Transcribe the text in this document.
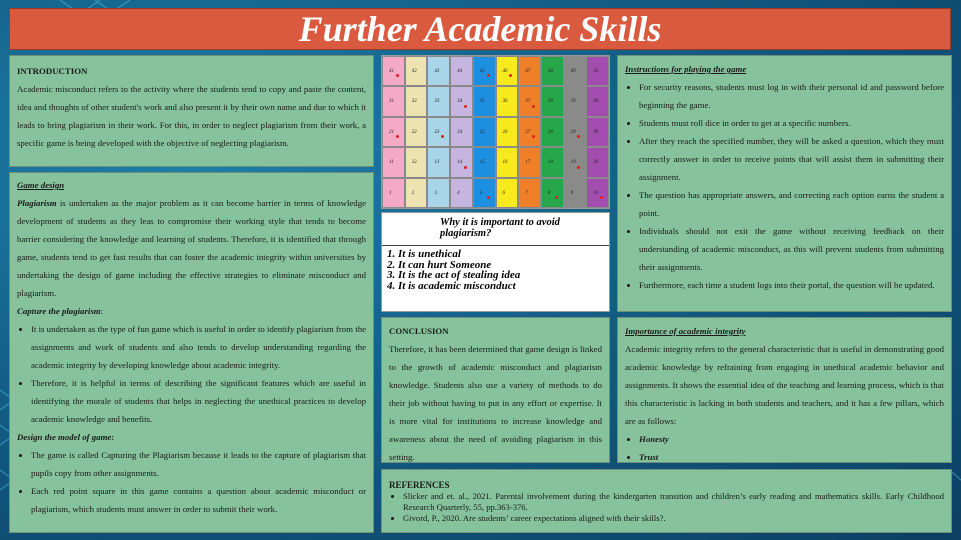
Further Academic Skills
INTRODUCTION

Academic misconduct refers to the activity where the students tend to copy and paste the content, idea and thoughts of other student's work and also present it by their own name and due to which it leads to bring plagiarism in their work. For this, in order to neglect plagiarism from their work, a specific game is being developed with the objective of neglecting plagiarism.

Game design

Plagiarism is undertaken as the major problem as it can become barrier in terms of knowledge development of students as they leas to compromise their working style that tends to become barrier considering the knowledge and learning of students. Therefore, it is identified that through game, students tend to get fast results that can foster the academic integrity within universities by undertaking the design of game including the effective strategies to eliminate misconduct and plagiarism.

Capture the plagiarism:

• It is undertaken as the type of fun game which is useful in order to identify plagiarism from the assignments and work of students and also tends to develop understanding regarding the academic integrity by developing knowledge about academic integrity.
• Therefore, it is helpful in terms of describing the significant features which are useful in identifying the morale of students that helps in neglecting the unethical practices to develop academic knowledge and benefits.

Design the model of game:

• The game is called Capturing the Plagiarism because it leads to the capture of plagiarism that pupils copy from other assignments.
• Each red point square in this game contains a question about academic misconduct or plagiarism, which students must answer in order to submit their work.
41	42	43	44	45	46	47	48	49	50
31	32	33	34	35	36	37	38	39	40
21	22	23	24	25	26	27	28	29	30
11	12	13	14	15	16	17	18	19	20
1	2	3	4	5	6	7	8	9	10
Why it is important to avoid plagiarism?
1. It is unethical
2. It can hurt Someone
3. It is the act of stealing idea
4. It is academic misconduct
Instructions for playing the game
• For security reasons, students must log in with their personal id and password before beginning the game.
• Students must roll dice in order to get at a specific numbers.
• After they reach the specified number, they will be asked a question, which they must correctly answer in order to receive points that will assist them in submitting their assignment.
• The question has appropriate answers, and correcting each option earns the student a point.
• Individuals should not exit the game without receiving feedback on their understanding of academic misconduct, as this will prevent students from submitting their assignments.
• Furthermore, each time a student logs into their portal, the question will be updated.
CONCLUSION

Therefore, it has been determined that game design is linked to the growth of academic misconduct and plagiarism knowledge. Students also use a variety of methods to do their job without having to put in any effort or expertise. It is more vital for institutions to increase knowledge and awareness about the need of avoiding plagiarism in this setting.

Importance of academic integrity

Academic integrity refers to the general characteristic that is useful in demonstrating good academic knowledge by refraining from engaging in unethical academic behavior and assignments. It shows the essential idea of the teaching and learning process, which is that this characteristic is lacking in both students and teachers, and it has a few pillars, which are as follows:

• Honesty
• Trust
REFERENCES
• Slicker and et. al., 2021. Parental involvement during the kindergarten transition and children’s early reading and mathematics skills. Early Childhood Research Quarterly, 55, pp.363-376.
• Givord, P., 2020. Are students’ career expectations aligned with their skills?.
